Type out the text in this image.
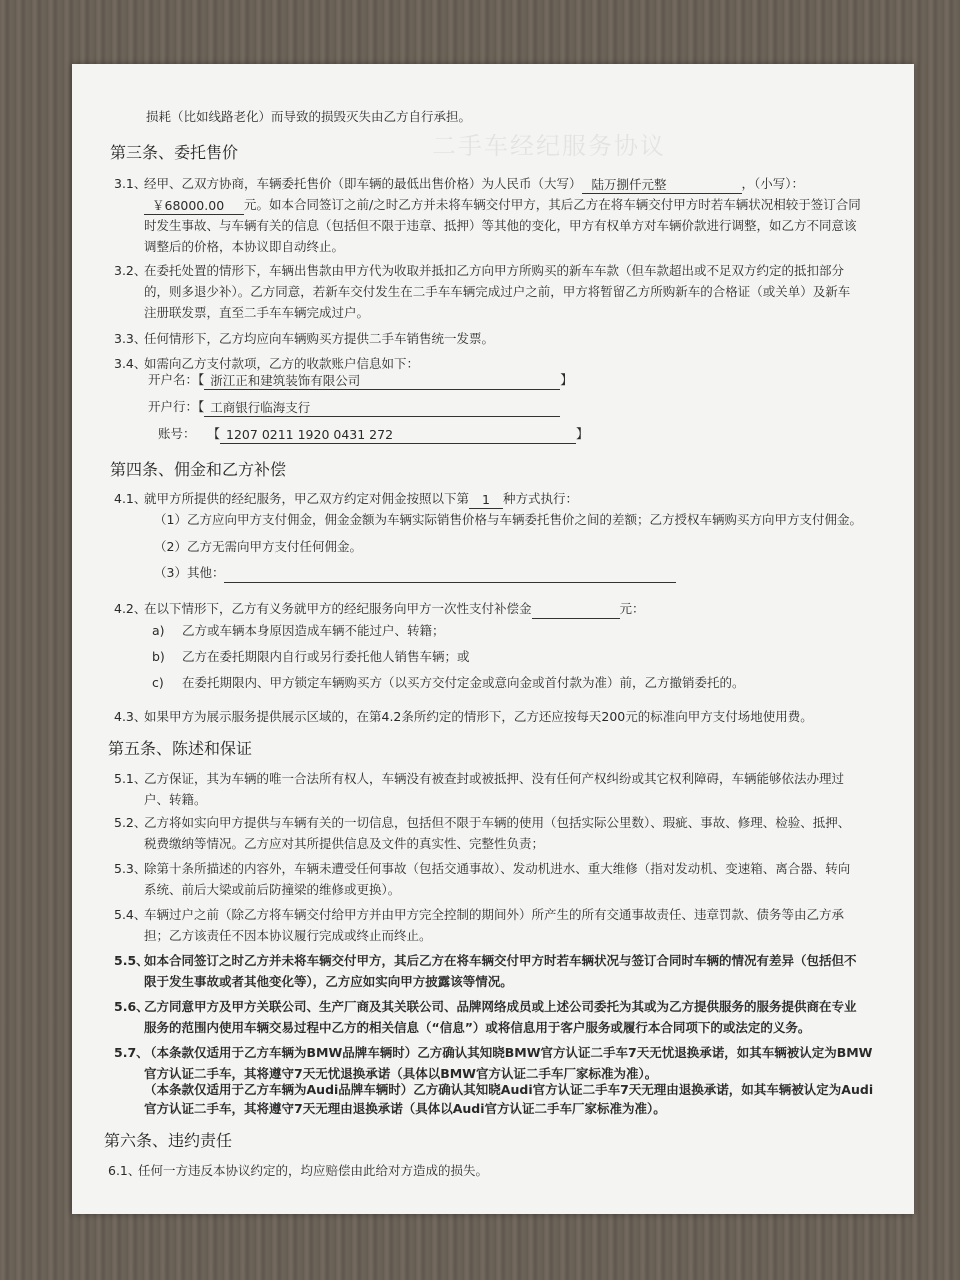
二手车经纪服务协议
损耗（比如线路老化）而导致的损毁灭失由乙方自行承担。
第三条、委托售价
3.1、经甲、乙双方协商，车辆委托售价（即车辆的最低出售价格）为人民币（大写） 陆万捌仟元整	，（小写）：
￥68000.00 元。如本合同签订之前/之时乙方并未将车辆交付甲方，其后乙方在将车辆交付甲方时若车辆状况相较于签订合同
时发生事故、与车辆有关的信息（包括但不限于违章、抵押）等其他的变化，甲方有权单方对车辆价款进行调整，如乙方不同意该
调整后的价格，本协议即自动终止。
3.2、在委托处置的情形下，车辆出售款由甲方代为收取并抵扣乙方向甲方所购买的新车车款（但车款超出或不足双方约定的抵扣部分
的，则多退少补）。乙方同意，若新车交付发生在二手车车辆完成过户之前，甲方将暂留乙方所购新车的合格证（或关单）及新车
注册联发票，直至二手车车辆完成过户。
3.3、任何情形下，乙方均应向车辆购买方提供二手车销售统一发票。
3.4、如需向乙方支付款项，乙方的收款账户信息如下：
开户名：【 浙江正和建筑装饰有限公司	】
开户行：【 工商银行临海支行
账号： 【 1207 0211 1920 0431 272	】
第四条、佣金和乙方补偿
4.1、就甲方所提供的经纪服务，甲乙双方约定对佣金按照以下第 1 种方式执行：
（1）乙方应向甲方支付佣金，佣金金额为车辆实际销售价格与车辆委托售价之间的差额；乙方授权车辆购买方向甲方支付佣金。
（2）乙方无需向甲方支付任何佣金。
（3）其他：
4.2、在以下情形下，乙方有义务就甲方的经纪服务向甲方一次性支付补偿金	元：
a) 乙方或车辆本身原因造成车辆不能过户、转籍；
b) 乙方在委托期限内自行或另行委托他人销售车辆；或
c) 在委托期限内、甲方锁定车辆购买方（以买方交付定金或意向金或首付款为准）前，乙方撤销委托的。
4.3、如果甲方为展示服务提供展示区域的，在第4.2条所约定的情形下，乙方还应按每天200元的标准向甲方支付场地使用费。
第五条、陈述和保证
5.1、乙方保证，其为车辆的唯一合法所有权人，车辆没有被查封或被抵押、没有任何产权纠纷或其它权利障碍，车辆能够依法办理过
户、转籍。
5.2、乙方将如实向甲方提供与车辆有关的一切信息，包括但不限于车辆的使用（包括实际公里数）、瑕疵、事故、修理、检验、抵押、
税费缴纳等情况。乙方应对其所提供信息及文件的真实性、完整性负责；
5.3、除第十条所描述的内容外，车辆未遭受任何事故（包括交通事故）、发动机进水、重大维修（指对发动机、变速箱、离合器、转向
系统、前后大梁或前后防撞梁的维修或更换）。
5.4、车辆过户之前（除乙方将车辆交付给甲方并由甲方完全控制的期间外）所产生的所有交通事故责任、违章罚款、债务等由乙方承
担；乙方该责任不因本协议履行完成或终止而终止。
5.5、如本合同签订之时乙方并未将车辆交付甲方，其后乙方在将车辆交付甲方时若车辆状况与签订合同时车辆的情况有差异（包括但不
限于发生事故或者其他变化等），乙方应如实向甲方披露该等情况。
5.6、乙方同意甲方及甲方关联公司、生产厂商及其关联公司、品牌网络成员或上述公司委托为其或为乙方提供服务的服务提供商在专业
服务的范围内使用车辆交易过程中乙方的相关信息（“信息”）或将信息用于客户服务或履行本合同项下的或法定的义务。
5.7、（本条款仅适用于乙方车辆为BMW品牌车辆时）乙方确认其知晓BMW官方认证二手车7天无忧退换承诺，如其车辆被认定为BMW
官方认证二手车，其将遵守7天无忧退换承诺（具体以BMW官方认证二手车厂家标准为准）。
（本条款仅适用于乙方车辆为Audi品牌车辆时）乙方确认其知晓Audi官方认证二手车7天无理由退换承诺，如其车辆被认定为Audi
官方认证二手车，其将遵守7天无理由退换承诺（具体以Audi官方认证二手车厂家标准为准）。
第六条、违约责任
6.1、任何一方违反本协议约定的，均应赔偿由此给对方造成的损失。
